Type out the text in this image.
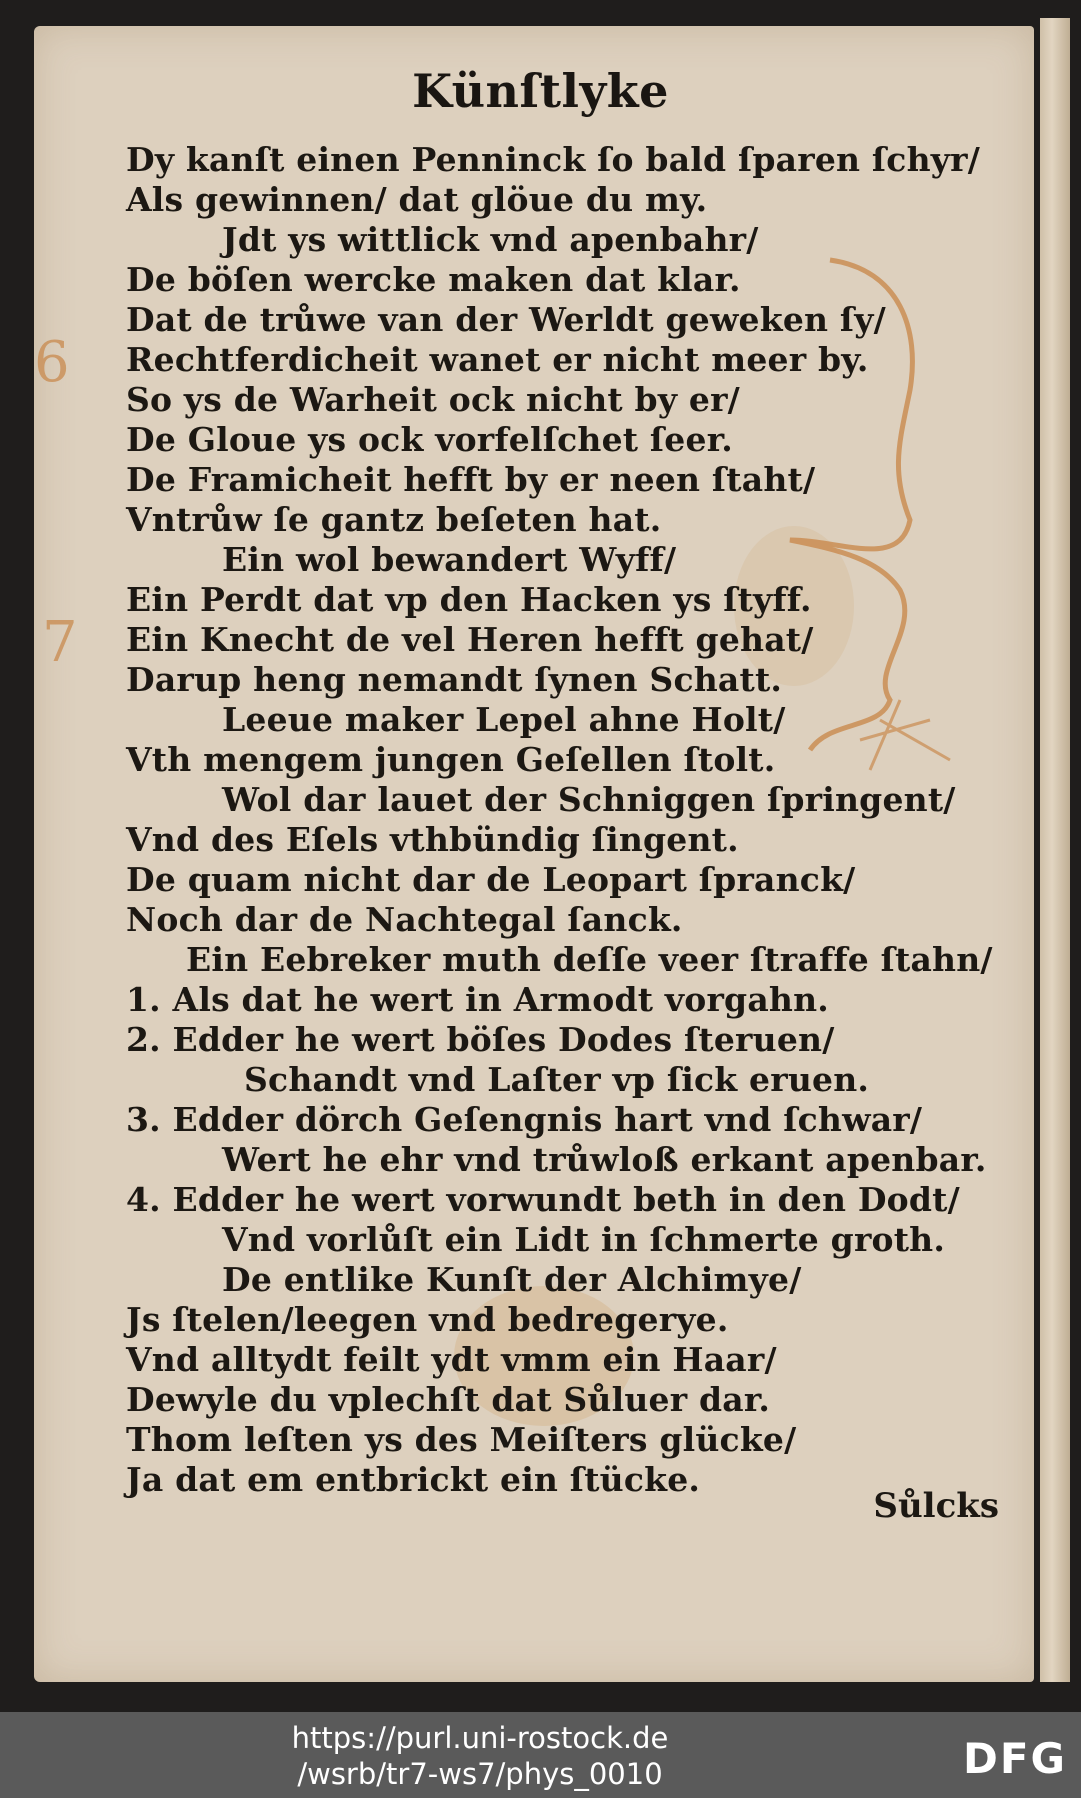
6
7
Künſtlyke
Dy kanſt einen Penninck ſo bald ſparen ſchyr/
Als gewinnen/ dat glöue du my.
Jdt ys wittlick vnd apenbahr/
De böſen wercke maken dat klar.
Dat de trůwe van der Werldt geweken ſy/
Rechtferdicheit wanet er nicht meer by.
So ys de Warheit ock nicht by er/
De Gloue ys ock vorfelſchet ſeer.
De Framicheit hefft by er neen ſtaht/
Vntrůw ſe gantz beſeten hat.
Ein wol bewandert Wyff/
Ein Perdt dat vp den Hacken ys ſtyff.
Ein Knecht de vel Heren hefft gehat/
Darup heng nemandt ſynen Schatt.
Leeue maker Lepel ahne Holt/
Vth mengem jungen Geſellen ſtolt.
Wol dar lauet der Schniggen ſpringent/
Vnd des Eſels vthbündig ſingent.
De quam nicht dar de Leopart ſpranck/
Noch dar de Nachtegal ſanck.
Ein Eebreker muth deſſe veer ſtraffe ſtahn/
1. Als dat he wert in Armodt vorgahn.
2. Edder he wert böſes Dodes ſteruen/
Schandt vnd Laſter vp ſick eruen.
3. Edder dörch Geſengnis hart vnd ſchwar/
Wert he ehr vnd trůwloß erkant apenbar.
4. Edder he wert vorwundt beth in den Dodt/
Vnd vorlůſt ein Lidt in ſchmerte groth.
De entlike Kunſt der Alchimye/
Js ſtelen/leegen vnd bedregerye.
Vnd alltydt feilt ydt vmm ein Haar/
Dewyle du vplechſt dat Sůluer dar.
Thom leſten ys des Meiſters glücke/
Ja dat em entbrickt ein ſtücke.
Sůlcks
https://purl.uni-rostock.de
/wsrb/tr7-ws7/phys_0010	DFG
